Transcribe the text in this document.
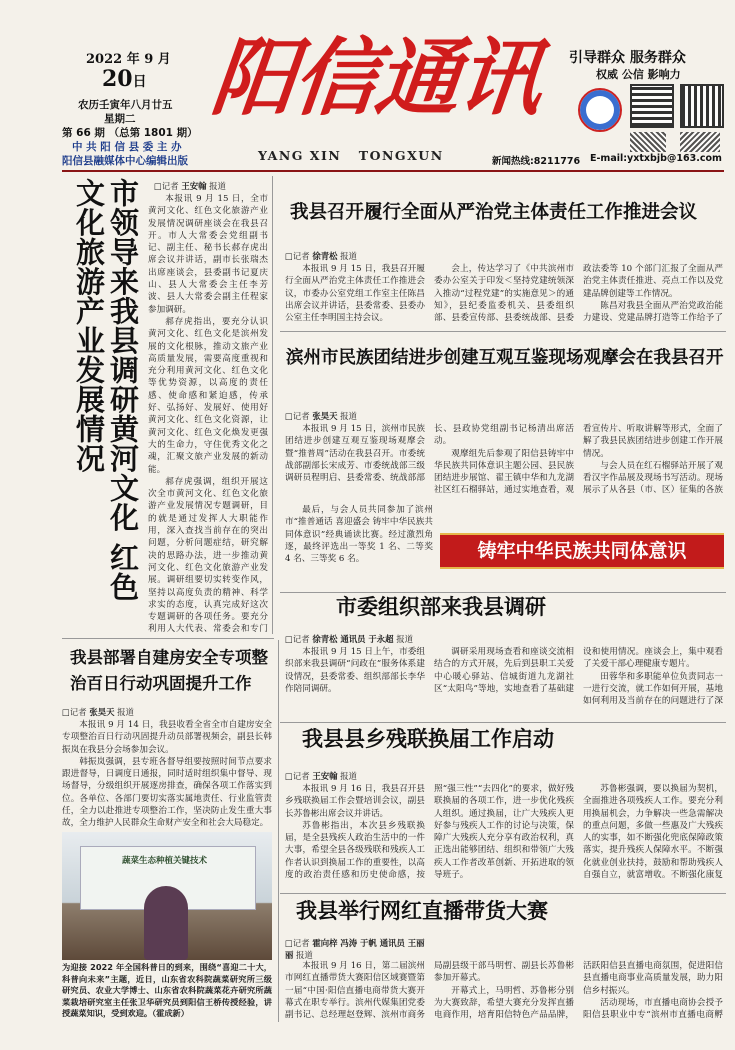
2022 年 9 月
20日
农历壬寅年八月廿五
星期二
第 66 期 （总第 1801 期）
中 共 阳 信 县 委 主 办
阳信县融媒体中心编辑出版
阳信通讯
YANG XIN   TONGXUN
引导群众 服务群众
权威 公信 影响力
新闻热线:8211776 E-mail:yxtxbjb@163.com
市领导来我县调研黄河文化 红色文化旅游产业发展情况	□记者 王安翰 报道

本报讯 9 月 15 日，全市黄河文化、红色文化旅游产业发展情况调研座谈会在我县召开。市人大常委会党组副书记、副主任、秘书长郝存虎出席会议并讲话，副市长张瑞杰出席座谈会，县委副书记夏庆山、县人大常委会主任李芳波、县人大常委会副主任程家参加调研。

郝存虎指出，要充分认识黄河文化、红色文化是滨州发展的文化根脉，推动文旅产业高质量发展，需要高度重视和充分利用黄河文化、红色文化等优势资源，以高度的责任感、使命感和紧迫感，传承好、弘扬好、发展好、使用好黄河文化、红色文化资源，让黄河文化、红色文化焕发更强大的生命力，守住优秀文化之魂，汇聚文旅产业发展的新动能。

郝存虎强调，组织开展这次全市黄河文化、红色文化旅游产业发展情况专题调研，目的就是通过发挥人大职能作用，深入查找当前存在的突出问题，分析问题症结，研究解决的思路办法，进一步推动黄河文化、红色文化旅游产业发展。调研组要切实转变作风，坚持以高度负责的精神、科学求实的态度，认真完成好这次专题调研的各项任务。要充分利用人大代表、常委会和专门

我县召开履行全面从严治党主体责任工作推进会议
□记者 徐青松 报道

本报讯 9 月 15 日，我县召开履行全面从严治党主体责任工作推进会议，市委办公室党组工作室主任陈昌出席会议并讲话，县委常委、县委办公室主任李明国主持会议。

会上，传达学习了《中共滨州市委办公室关于印发＜坚持党建统领深入推动“过程党建”的实施意见＞的通知》，县纪委监委机关、县委组织部、县委宣传部、县委统战部、县委政法委等 10 个部门汇报了全面从严治党主体责任推进、亮点工作以及党建品牌创建等工作情况。

陈昌对我县全面从严治党政治能力建设、党建品牌打造等工作给予了

滨州市民族团结进步创建互观互鉴现场观摩会在我县召开
□记者 张昊天 报道

本报讯 9 月 15 日，滨州市民族团结进步创建互观互鉴现场观摩会暨“推普周”活动在我县召开。市委统战部副部长宋成芳、市委统战部三级调研员程明启、县委常委、统战部部长、县政协党组副书记杨清出席活动。

观摩组先后参观了阳信县铸牢中华民族共同体意识主题公园、县民族团结进步展馆、翟王镇中华和九龙湖社区红石榴驿站，通过实地查看，观看宣传片、听取讲解等形式，全面了解了我县民族团结进步创建工作开展情况。

与会人员在红石榴驿站开展了观看汉字作品展及现场书写活动。现场展示了从各县（市、区）征集的各族

最后，与会人员共同参加了滨州市“推普通话 喜迎盛会 铸牢中华民族共同体意识”经典诵读比赛。经过激烈角逐，最终评选出一等奖 1 名、二等奖 4 名、三等奖 6 名。	铸牢中华民族共同体意识
市委组织部来我县调研
□记者 徐青松 通讯员 于永超 报道

本报讯 9 月 15 日上午，市委组织部来我县调研“问政在”服务体系建设情况，县委常委、组织部部长李华作陪同调研。

调研采用现场查看和座谈交流相结合的方式开展，先后到县职工关爱中心暖心驿站、信城街道九龙湖社区“太阳鸟”等地，实地查看了基础建设和使用情况。座谈会上，集中观看了关爱干部心理健康专题片。

田蓉华和多职能单位负责同志一一进行交流，就工作如何开展，基地如何利用及当前存在的问题进行了深

我县部署自建房安全专项整治百日行动巩固提升工作
□记者 张昊天 报道

本报讯 9 月 14 日，我县收看全省全市自建房安全专项整治百日行动巩固提升动员部署视频会，副县长韩振岚在我县分会场参加会议。

韩振岚强调，县专班各督导组要按照时间节点要求跟进督导，日调度日通报，同时适时组织集中督导、现场督导，分级组织开展逐房排查，确保各项工作落实到位。各单位、各部门要切实落实属地责任、行业监管责任，全力以赴推进专项整治工作，坚决防止发生重大事故，全力维护人民群众生命财产安全和社会大局稳定。

蔬菜生态种植关键技术
为迎接 2022 年全国科普日的到来，围绕“喜迎二十大，科普向未来”主题，近日，山东省农科院蔬菜研究所三级研究员、农业大学博士、山东省农科院蔬菜花卉研究所蔬菜栽培研究室主任张卫华研究员到阳信王桥传授经验，讲授蔬菜知识，受到欢迎。（霍成新）
我县县乡残联换届工作启动
□记者 王安翰 报道

本报讯 9 月 16 日，我县召开县乡残联换届工作会暨培训会议，副县长苏鲁彬出席会议并讲话。

苏鲁彬指出，本次县乡残联换届，是全县残疾人政治生活中的一件大事，希望全县各级残联和残疾人工作者认识到换届工作的重要性，以高度的政治责任感和历史使命感，按照“强三性”“去四化”的要求，做好残联换届的各项工作，进一步优化残疾人组织。通过换届，让广大残疾人更好参与残疾人工作的讨论与决策，保障广大残疾人充分享有政治权利，真正选出能够团结、组织和带领广大残疾人工作者改革创新、开拓进取的领导班子。

苏鲁彬强调，要以换届为契机，全面推进各项残疾人工作。要充分利用换届机会，力争解决一些急需解决的重点问题，多做一些惠及广大残疾人的实事，如不断强化兜底保障政策落实，提升残疾人保障水平。不断强化就业创业扶持，鼓励和帮助残疾人自强自立，就富增收。不断强化康复

我县举行网红直播带货大赛
□记者 霍向梓 冯涛 于帆 通讯员 王丽丽 报道

本报讯 9 月 16 日，第二届滨州市网红直播带货大赛阳信区域赛暨第一届“中国·阳信直播电商带货大赛开幕式在职专举行。滨州代媒集团党委副书记、总经理赵登辉、滨州市商务局副县级干部马明哲、副县长苏鲁彬参加开幕式。

开幕式上，马明哲、苏鲁彬分别为大赛致辞，希望大赛充分发挥直播电商作用，培育阳信特色产品品牌，活跃阳信县直播电商氛围，促进阳信县直播电商事业高质量发展，助力阳信乡村振兴。

活动现场，市直播电商协会授予阳信县职业中专“滨州市直播电商孵
